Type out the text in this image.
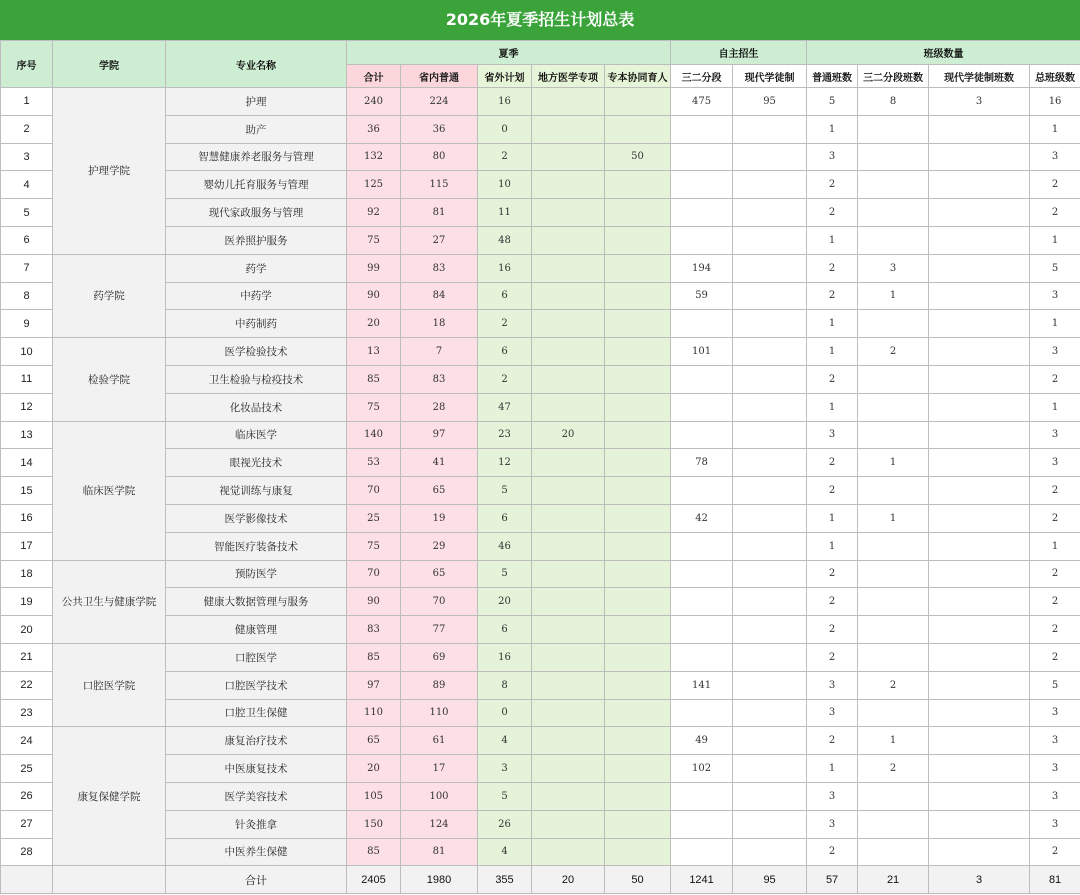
2026年夏季招生计划总表
序号	学院	专业名称	夏季					自主招生		班级数量			
			合计	省内普通	省外计划	地方医学专项	专本协同育人	三二分段	现代学徒制	普通班数	三二分段班数	现代学徒制班数	总班级数
1	护理学院	护理	240	224	16			475	95	5	8	3	16
2		助产	36	36	0					1			1
3		智慧健康养老服务与管理	132	80	2		50			3			3
4		婴幼儿托育服务与管理	125	115	10					2			2
5		现代家政服务与管理	92	81	11					2			2
6		医养照护服务	75	27	48					1			1
7	药学院	药学	99	83	16			194		2	3		5
8		中药学	90	84	6			59		2	1		3
9		中药制药	20	18	2					1			1
10	检验学院	医学检验技术	13	7	6			101		1	2		3
11		卫生检验与检疫技术	85	83	2					2			2
12		化妆品技术	75	28	47					1			1
13	临床医学院	临床医学	140	97	23	20				3			3
14		眼视光技术	53	41	12			78		2	1		3
15		视觉训练与康复	70	65	5					2			2
16		医学影像技术	25	19	6			42		1	1		2
17		智能医疗装备技术	75	29	46					1			1
18	公共卫生与健康学院	预防医学	70	65	5					2			2
19		健康大数据管理与服务	90	70	20					2			2
20		健康管理	83	77	6					2			2
21	口腔医学院	口腔医学	85	69	16					2			2
22		口腔医学技术	97	89	8			141		3	2		5
23		口腔卫生保健	110	110	0					3			3
24	康复保健学院	康复治疗技术	65	61	4			49		2	1		3
25		中医康复技术	20	17	3			102		1	2		3
26		医学美容技术	105	100	5					3			3
27		针灸推拿	150	124	26					3			3
28		中医养生保健	85	81	4					2			2
		合计	2405	1980	355	20	50	1241	95	57	21	3	81
